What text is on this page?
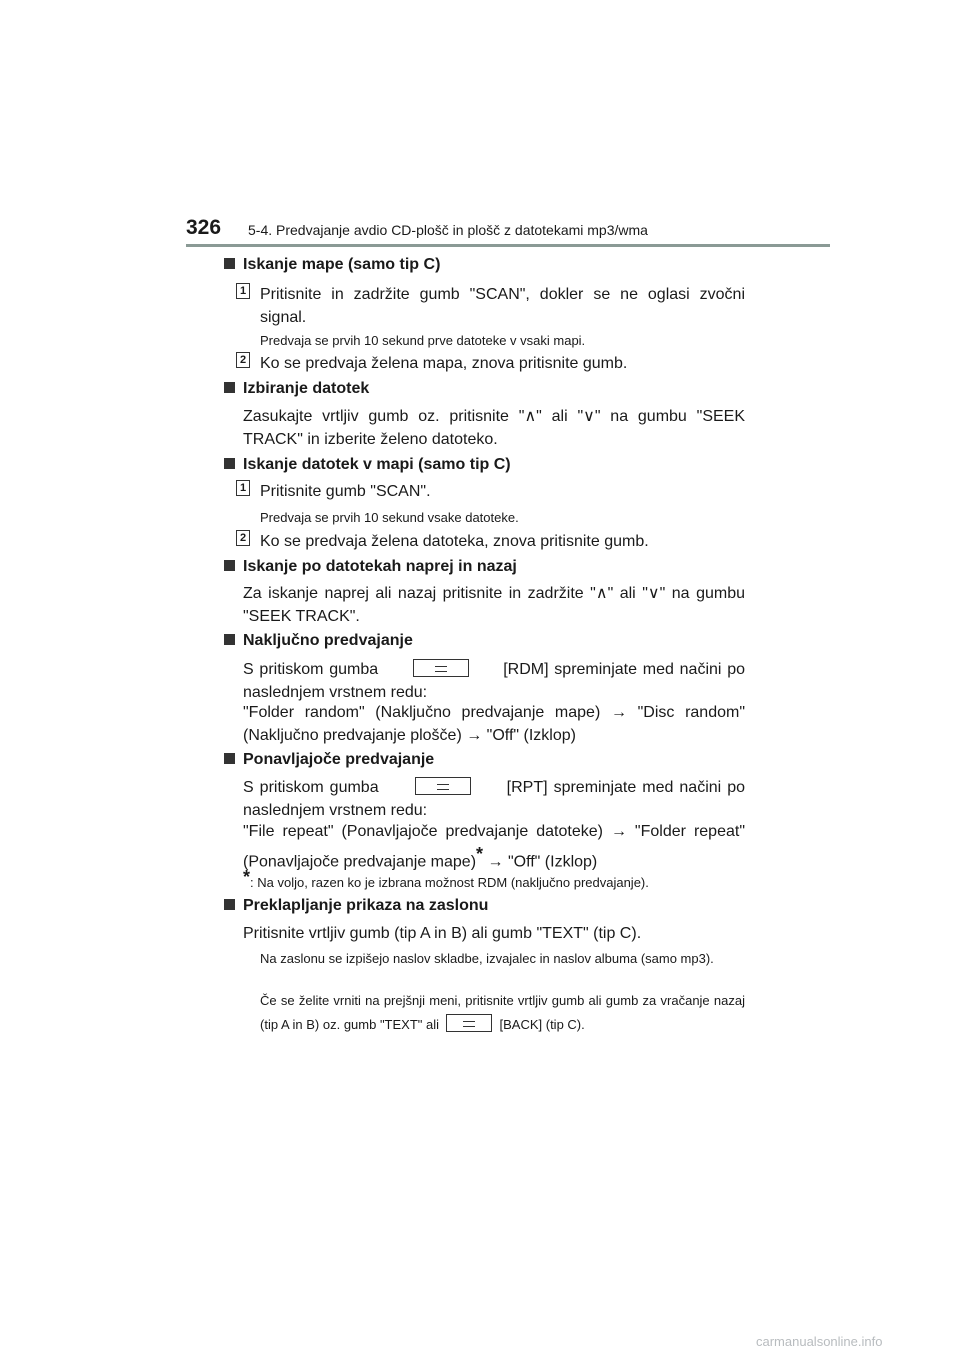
326 5-4. Predvajanje avdio CD-plošč in plošč z datotekami mp3/wma
Iskanje mape (samo tip C)
1 Pritisnite in zadržite gumb "SCAN", dokler se ne oglasi zvočni signal.
Predvaja se prvih 10 sekund prve datoteke v vsaki mapi.
2 Ko se predvaja želena mapa, znova pritisnite gumb.
Izbiranje datotek
Zasukajte vrtljiv gumb oz. pritisnite "∧" ali "∨" na gumbu "SEEK TRACK" in izberite želeno datoteko.
Iskanje datotek v mapi (samo tip C)
1 Pritisnite gumb "SCAN".
Predvaja se prvih 10 sekund vsake datoteke.
2 Ko se predvaja želena datoteka, znova pritisnite gumb.
Iskanje po datotekah naprej in nazaj
Za iskanje naprej ali nazaj pritisnite in zadržite "∧" ali "∨" na gumbu "SEEK TRACK".
Naključno predvajanje
S pritiskom gumba	[RDM] spreminjate med načini po naslednjem vrstnem redu:
"Folder random" (Naključno predvajanje mape) → "Disc random" (Naključno predvajanje plošče) → "Off" (Izklop)
Ponavljajoče predvajanje
S pritiskom gumba	[RPT] spreminjate med načini po naslednjem vrstnem redu:
"File repeat" (Ponavljajoče predvajanje datoteke) → "Folder repeat" (Ponavljajoče predvajanje mape)* → "Off" (Izklop)
*: Na voljo, razen ko je izbrana možnost RDM (naključno predvajanje).
Preklapljanje prikaza na zaslonu
Pritisnite vrtljiv gumb (tip A in B) ali gumb "TEXT" (tip C).
Na zaslonu se izpišejo naslov skladbe, izvajalec in naslov albuma (samo mp3).
Če se želite vrniti na prejšnji meni, pritisnite vrtljiv gumb ali gumb za vračanje nazaj (tip A in B) oz. gumb "TEXT" ali	[BACK] (tip C).
carmanualsonline.info
